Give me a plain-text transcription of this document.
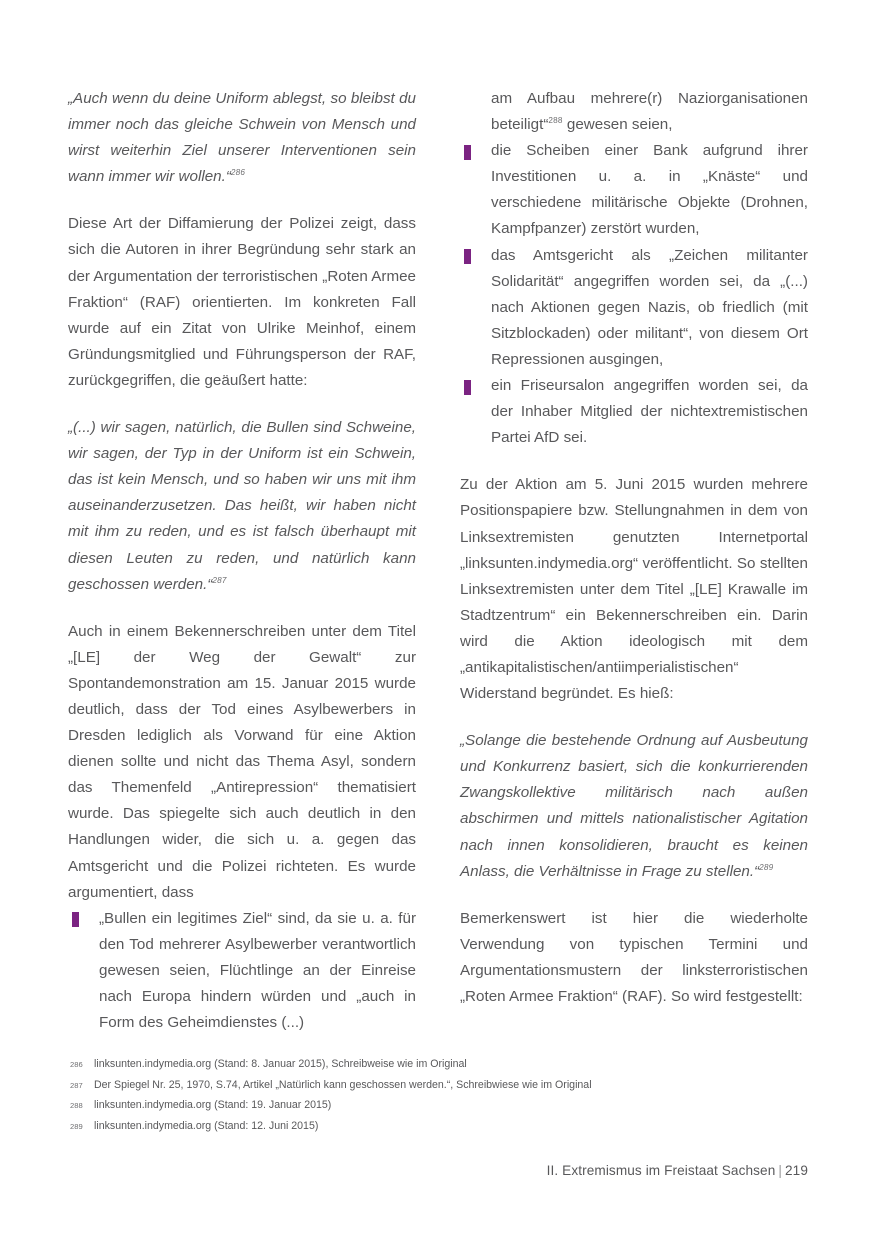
„Auch wenn du deine Uniform ablegst, so bleibst du immer noch das gleiche Schwein von Mensch und wirst weiterhin Ziel unserer Interventionen sein wann immer wir wollen.“$^{286}$

Diese Art der Diffamierung der Polizei zeigt, dass sich die Autoren in ihrer Begründung sehr stark an der Argumentation der terroristischen „Roten Armee Fraktion“ (RAF) orientierten. Im konkreten Fall wurde auf ein Zitat von Ulrike Meinhof, einem Gründungsmitglied und Führungsperson der RAF, zurückgegriffen, die geäußert hatte:

„(...) wir sagen, natürlich, die Bullen sind Schweine, wir sagen, der Typ in der Uniform ist ein Schwein, das ist kein Mensch, und so haben wir uns mit ihm auseinanderzusetzen. Das heißt, wir haben nicht mit ihm zu reden, und es ist falsch überhaupt mit diesen Leuten zu reden, und natürlich kann geschossen werden.“$^{287}$

Auch in einem Bekennerschreiben unter dem Titel „[LE] der Weg der Gewalt“ zur Spontandemonstration am 15. Januar 2015 wurde deutlich, dass der Tod eines Asylbewerbers in Dresden lediglich als Vorwand für eine Aktion dienen sollte und nicht das Thema Asyl, sondern das Themenfeld „Antirepression“ thematisiert wurde. Das spiegelte sich auch deutlich in den Handlungen wider, die sich u. a. gegen das Amtsgericht und die Polizei richteten. Es wurde argumentiert, dass

„Bullen ein legitimes Ziel“ sind, da sie u. a. für den Tod mehrerer Asylbewerber verantwortlich gewesen seien, Flüchtlinge an der Einreise nach Europa hindern würden und „auch in Form des Geheimdienstes (...)
am Aufbau mehrere(r) Naziorganisationen beteiligt“$^{288}$ gewesen seien,
die Scheiben einer Bank aufgrund ihrer Investitionen u. a. in „Knäste“ und verschiedene militärische Objekte (Drohnen, Kampfpanzer) zerstört wurden,
das Amtsgericht als „Zeichen militanter Solidarität“ angegriffen worden sei, da „(...) nach Aktionen gegen Nazis, ob friedlich (mit Sitzblockaden) oder militant“, von diesem Ort Repressionen ausgingen,
ein Friseursalon angegriffen worden sei, da der Inhaber Mitglied der nichtextremistischen Partei AfD sei.

Zu der Aktion am 5. Juni 2015 wurden mehrere Positionspapiere bzw. Stellungnahmen in dem von Linksextremisten genutzten Internetportal „linksunten.indymedia.org“ veröffentlicht. So stellten Linksextremisten unter dem Titel „[LE] Krawalle im Stadtzentrum“ ein Bekennerschreiben ein. Darin wird die Aktion ideologisch mit dem „antikapitalistischen/antiimperialistischen“ Widerstand begründet. Es hieß:

„Solange die bestehende Ordnung auf Ausbeutung und Konkurrenz basiert, sich die konkurrierenden Zwangskollektive militärisch nach außen abschirmen und mittels nationalistischer Agitation nach innen konsolidieren, braucht es keinen Anlass, die Verhältnisse in Frage zu stellen.“$^{289}$

Bemerkenswert ist hier die wiederholte Verwendung von typischen Termini und Argumentationsmustern der linksterroristischen „Roten Armee Fraktion“ (RAF). So wird festgestellt:

286 linksunten.indymedia.org (Stand: 8. Januar 2015), Schreibweise wie im Original
287 Der Spiegel Nr. 25, 1970, S.74, Artikel „Natürlich kann geschossen werden.“, Schreibwiese wie im Original
288 linksunten.indymedia.org (Stand: 19. Januar 2015)
289 linksunten.indymedia.org (Stand: 12. Juni 2015)
II. Extremismus im Freistaat Sachsen | 219
